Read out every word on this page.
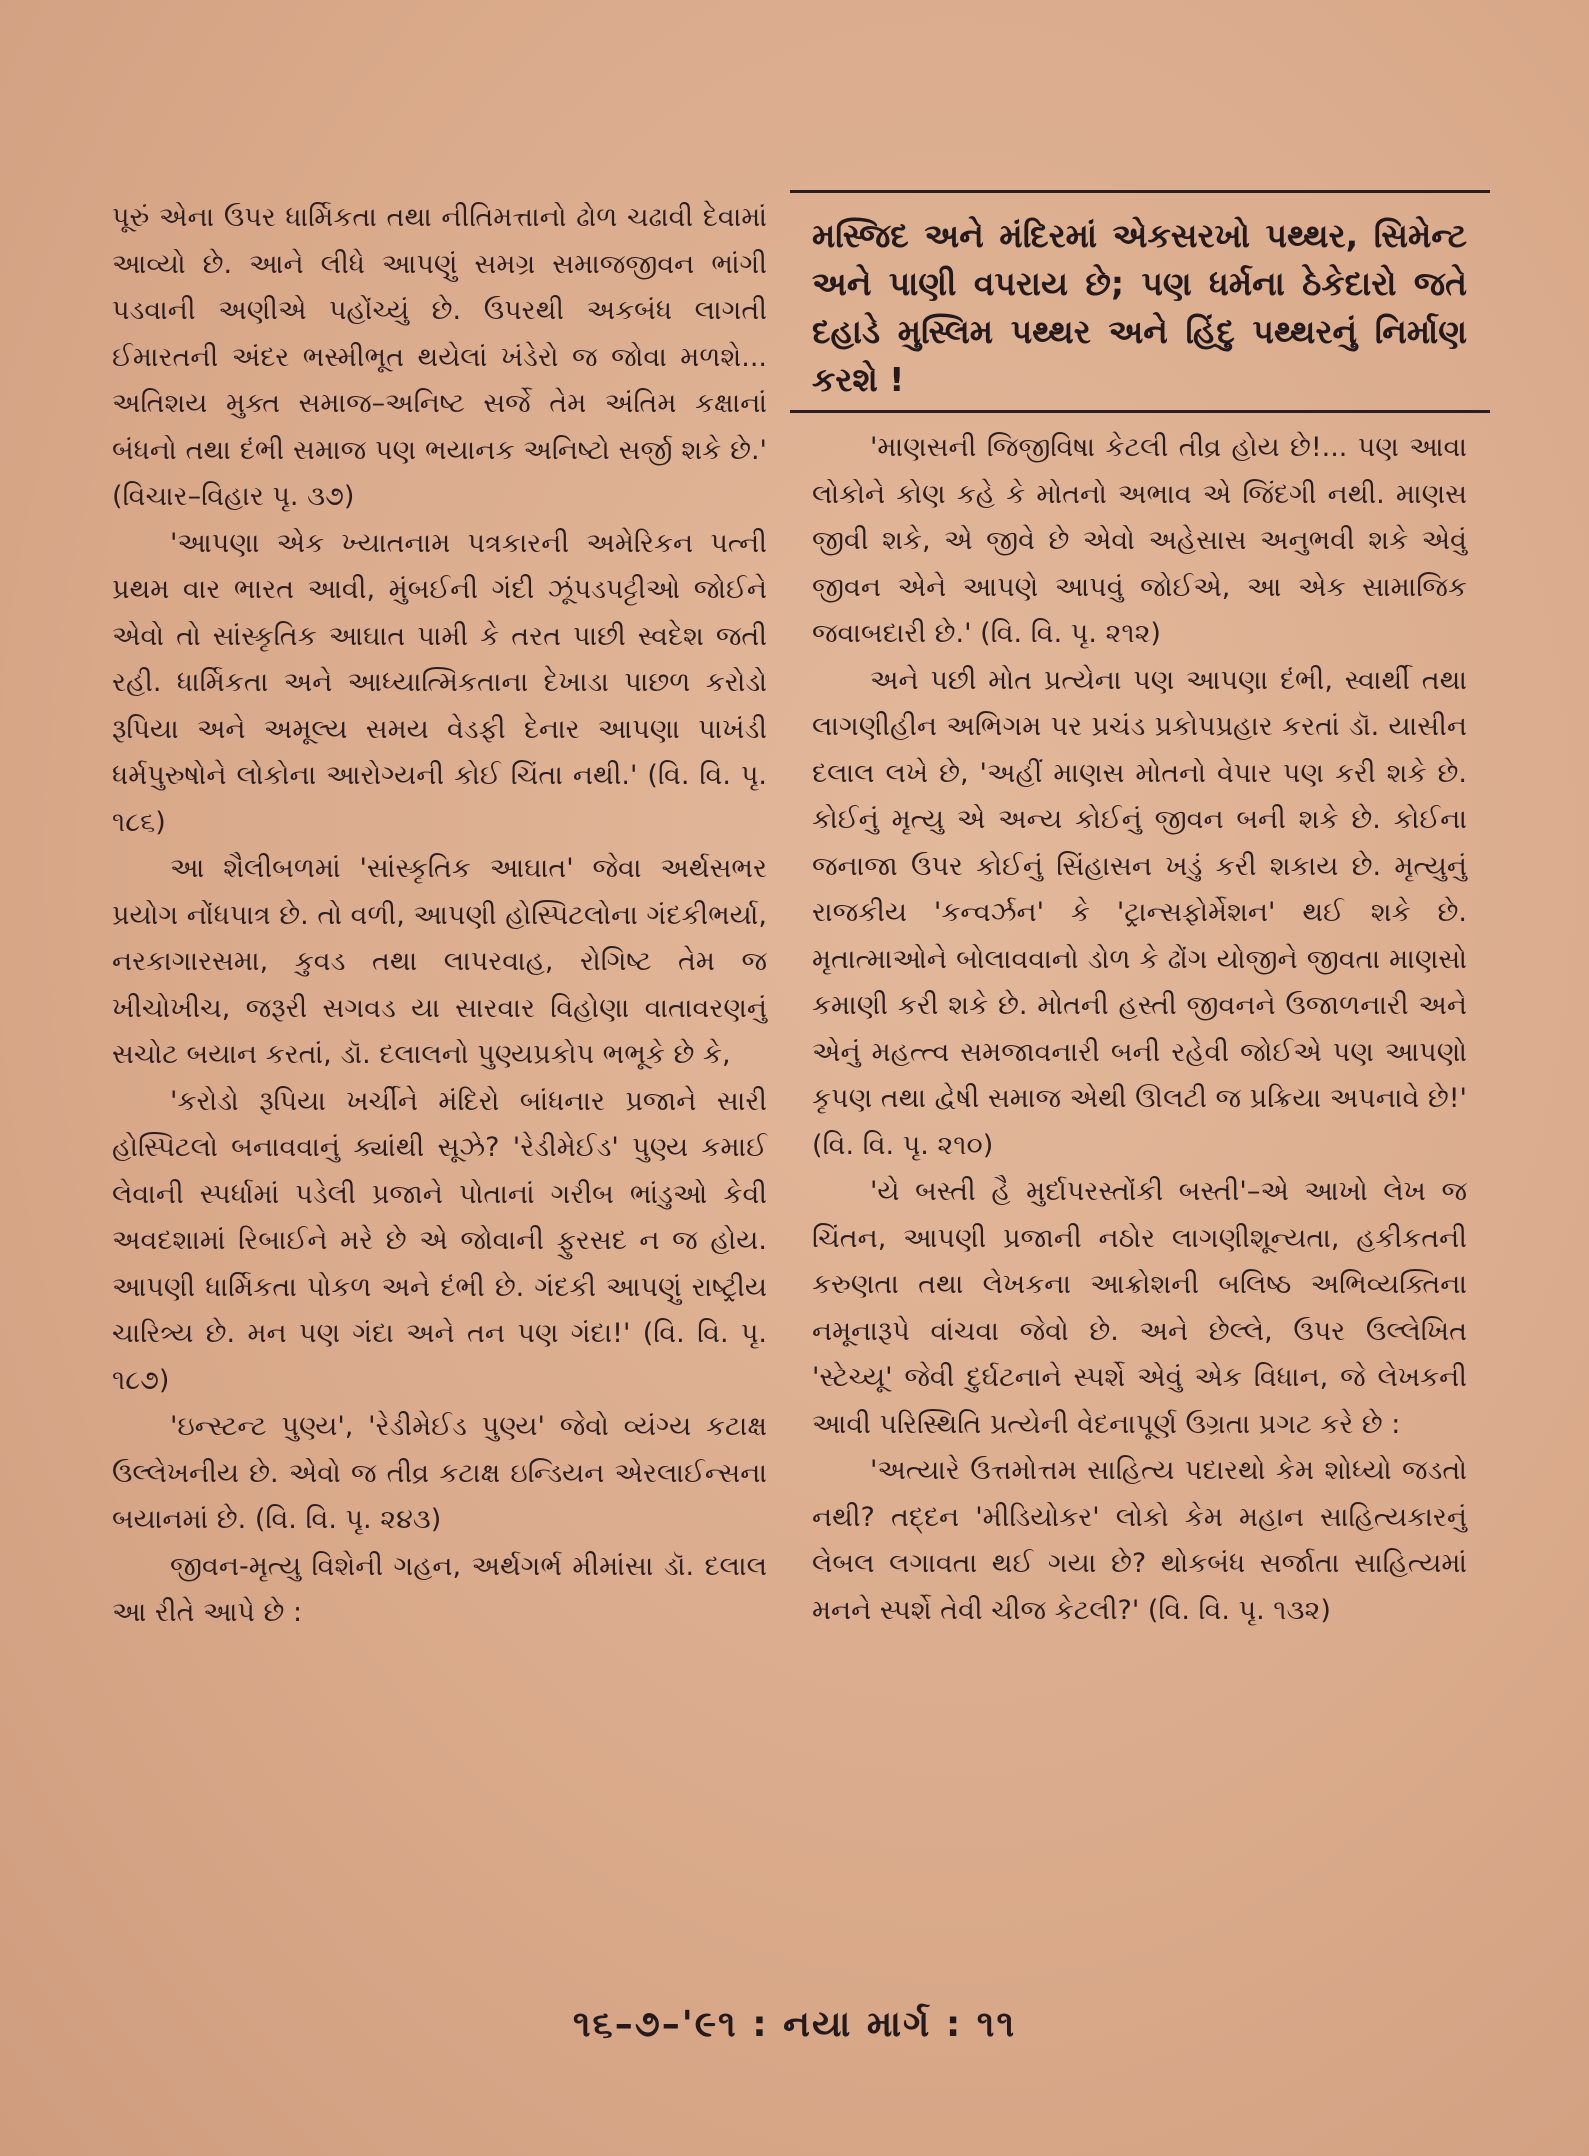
પૂરું એના ઉપર ધાર્મિકતા તથા નીતિમત્તાનો ઢોળ ચઢાવી દેવામાં આવ્યો છે. આને લીધે આપણું સમગ્ર સમાજજીવન ભાંગી પડવાની અણીએ પહોંચ્યું છે. ઉપરથી અકબંધ લાગતી ઈમારતની અંદર ભસ્મીભૂત થયેલાં ખંડેરો જ જોવા મળશે... અતિશય મુક્ત સમાજ–અનિષ્ટ સર્જે તેમ અંતિમ કક્ષાનાં બંધનો તથા દંભી સમાજ પણ ભયાનક અનિષ્ટો સર્જી શકે છે.' (વિચાર–વિહાર પૃ. ૩૭)

'આપણા એક ખ્યાતનામ પત્રકારની અમેરિકન પત્ની પ્રથમ વાર ભારત આવી, મુંબઈની ગંદી ઝૂંપડપટ્ટીઓ જોઈને એવો તો સાંસ્કૃતિક આઘાત પામી કે તરત પાછી સ્વદેશ જતી રહી. ધાર્મિકતા અને આધ્યાત્મિકતાના દેખાડા પાછળ કરોડો રૂપિયા અને અમૂલ્ય સમય વેડફી દેનાર આપણા પાખંડી ધર્મપુરુષોને લોકોના આરોગ્યની કોઈ ચિંતા નથી.' (વિ. વિ. પૃ. ૧૮૬)

આ શૈલીબળમાં 'સાંસ્કૃતિક આઘાત' જેવા અર્થસભર પ્રયોગ નોંધપાત્ર છે. તો વળી, આપણી હોસ્પિટલોના ગંદકીભર્યા, નરકાગારસમા, કુવડ તથા લાપરવાહ, રોગિષ્ટ તેમ જ ખીચોખીચ, જરૂરી સગવડ યા સારવાર વિહોણા વાતાવરણનું સચોટ બયાન કરતાં, ડૉ. દલાલનો પુણ્યપ્રકોપ ભભૂકે છે કે,

'કરોડો રૂપિયા ખર્ચીને મંદિરો બાંધનાર પ્રજાને સારી હોસ્પિટલો બનાવવાનું ક્યાંથી સૂઝે? 'રેડીમેઈડ' પુણ્ય કમાઈ લેવાની સ્પર્ધામાં પડેલી પ્રજાને પોતાનાં ગરીબ ભાંડુઓ કેવી અવદશામાં રિબાઈને મરે છે એ જોવાની ફુરસદ ન જ હોય. આપણી ધાર્મિકતા પોકળ અને દંભી છે. ગંદકી આપણું રાષ્ટ્રીય ચારિત્ર્ય છે. મન પણ ગંદા અને તન પણ ગંદા!' (વિ. વિ. પૃ. ૧૮૭)

'ઇન્સ્ટન્ટ પુણ્ય', 'રેડીમેઈડ પુણ્ય' જેવો વ્યંગ્ય કટાક્ષ ઉલ્લેખનીય છે. એવો જ તીવ્ર કટાક્ષ ઇન્ડિયન એરલાઈન્સના બયાનમાં છે. (વિ. વિ. પૃ. ૨૪૩)

જીવન-મૃત્યુ વિશેની ગહન, અર્થગર્ભ મીમાંસા ડૉ. દલાલ આ રીતે આપે છે :

મસ્જિદ અને મંદિરમાં એકસરખો પથ્થર, સિમેન્ટ અને પાણી વપરાય છે; પણ ધર્મના ઠેકેદારો જતે દહાડે મુસ્લિમ પથ્થર અને હિંદુ પથ્થરનું નિર્માણ કરશે !

'માણસની જિજીવિષા કેટલી તીવ્ર હોય છે!... પણ આવા લોકોને કોણ કહે કે મોતનો અભાવ એ જિંદગી નથી. માણસ જીવી શકે, એ જીવે છે એવો અહેસાસ અનુભવી શકે એવું જીવન એને આપણે આપવું જોઈએ, આ એક સામાજિક જવાબદારી છે.' (વિ. વિ. પૃ. ૨૧૨)

અને પછી મોત પ્રત્યેના પણ આપણા દંભી, સ્વાર્થી તથા લાગણીહીન અભિગમ પર પ્રચંડ પ્રકોપપ્રહાર કરતાં ડૉ. યાસીન દલાલ લખે છે, 'અહીં માણસ મોતનો વેપાર પણ કરી શકે છે. કોઈનું મૃત્યુ એ અન્ય કોઈનું જીવન બની શકે છે. કોઈના જનાજા ઉપર કોઈનું સિંહાસન ખડું કરી શકાય છે. મૃત્યુનું રાજકીય 'કન્વર્ઝન' કે 'ટ્રાન્સફોર્મેશન' થઈ શકે છે. મૃતાત્માઓને બોલાવવાનો ડોળ કે ઢોંગ યોજીને જીવતા માણસો કમાણી કરી શકે છે. મોતની હસ્તી જીવનને ઉજાળનારી અને એનું મહત્ત્વ સમજાવનારી બની રહેવી જોઈએ પણ આપણો કૃપણ તથા દ્વેષી સમાજ એથી ઊલટી જ પ્રક્રિયા અપનાવે છે!' (વિ. વિ. પૃ. ૨૧૦)

'યે બસ્તી હૈ મુર્દાપરસ્તોંકી બસ્તી'–એ આખો લેખ જ ચિંતન, આપણી પ્રજાની નઠોર લાગણીશૂન્યતા, હકીકતની કરુણતા તથા લેખકના આક્રોશની બલિષ્ઠ અભિવ્યક્તિના નમૂનારૂપે વાંચવા જેવો છે. અને છેલ્લે, ઉપર ઉલ્લેખિત 'સ્ટેચ્યૂ' જેવી દુર્ઘટનાને સ્પર્શે એવું એક વિધાન, જે લેખકની આવી પરિસ્થિતિ પ્રત્યેની વેદનાપૂર્ણ ઉગ્રતા પ્રગટ કરે છે :

'અત્યારે ઉત્તમોત્તમ સાહિત્ય પદારથો કેમ શોધ્યો જડતો નથી? તદ્દન 'મીડિયોકર' લોકો કેમ મહાન સાહિત્યકારનું લેબલ લગાવતા થઈ ગયા છે? થોકબંધ સર્જાતા સાહિત્યમાં મનને સ્પર્શે તેવી ચીજ કેટલી?' (વિ. વિ. પૃ. ૧૩૨)

૧૬–૭–'૯૧ : નયા માર્ગ : ૧૧
